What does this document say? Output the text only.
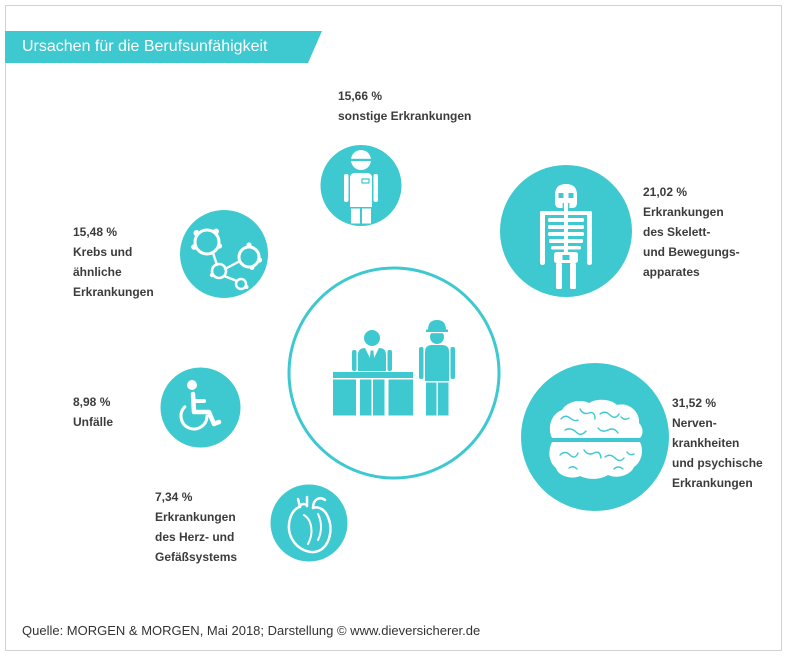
Ursachen für die Berufsunfähigkeit
15,66 %
sonstige Erkrankungen
21,02 %
Erkrankungen
des Skelett-
und Bewegungs-
apparates
31,52 %
Nerven-
krankheiten
und psychische
Erkrankungen
7,34 %
Erkrankungen
des Herz- und
Gefäßsystems
8,98 %
Unfälle
15,48 %
Krebs und
ähnliche
Erkrankungen
Quelle: MORGEN & MORGEN, Mai 2018; Darstellung © www.dieversicherer.de
